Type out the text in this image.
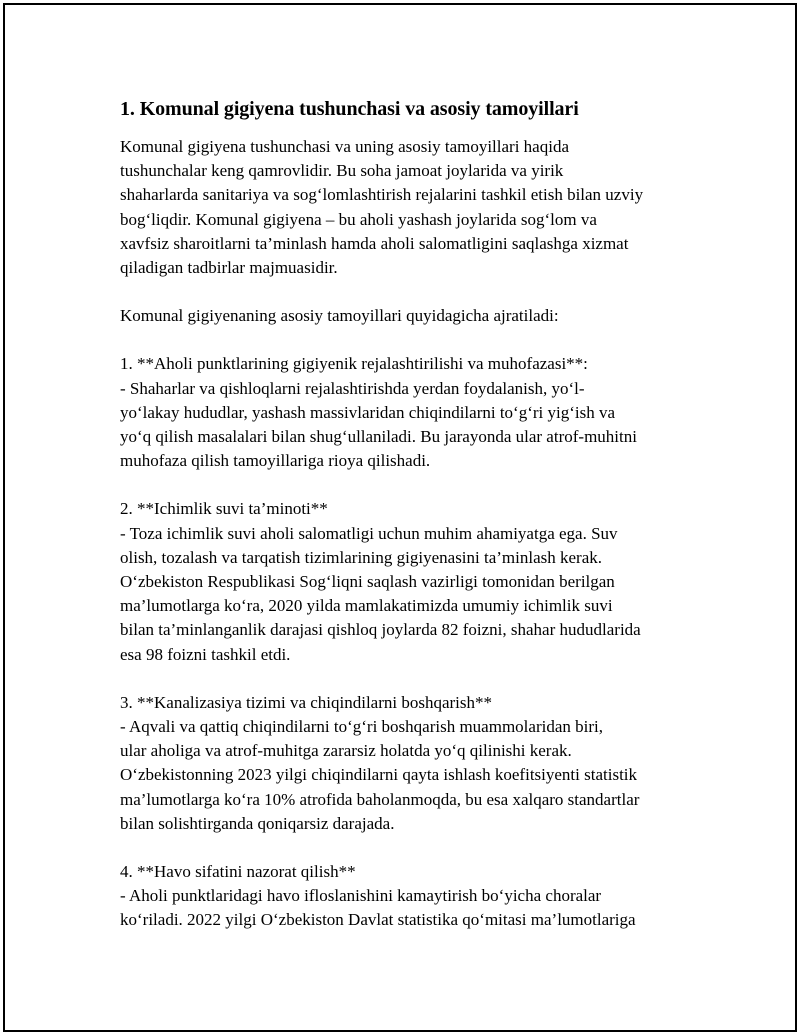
1. Komunal gigiyena tushunchasi va asosiy tamoyillari

Komunal gigiyena tushunchasi va uning asosiy tamoyillari haqida
tushunchalar keng qamrovlidir. Bu soha jamoat joylarida va yirik
shaharlarda sanitariya va sog‘lomlashtirish rejalarini tashkil etish bilan uzviy
bog‘liqdir. Komunal gigiyena – bu aholi yashash joylarida sog‘lom va
xavfsiz sharoitlarni ta’minlash hamda aholi salomatligini saqlashga xizmat
qiladigan tadbirlar majmuasidir.

Komunal gigiyenaning asosiy tamoyillari quyidagicha ajratiladi:

1. **Aholi punktlarining gigiyenik rejalashtirilishi va muhofazasi**:
- Shaharlar va qishloqlarni rejalashtirishda yerdan foydalanish, yo‘l-
yo‘lakay hududlar, yashash massivlaridan chiqindilarni to‘g‘ri yig‘ish va
yo‘q qilish masalalari bilan shug‘ullaniladi. Bu jarayonda ular atrof-muhitni
muhofaza qilish tamoyillariga rioya qilishadi.

2. **Ichimlik suvi ta’minoti**
- Toza ichimlik suvi aholi salomatligi uchun muhim ahamiyatga ega. Suv
olish, tozalash va tarqatish tizimlarining gigiyenasini ta’minlash kerak.
O‘zbekiston Respublikasi Sog‘liqni saqlash vazirligi tomonidan berilgan
ma’lumotlarga ko‘ra, 2020 yilda mamlakatimizda umumiy ichimlik suvi
bilan ta’minlanganlik darajasi qishloq joylarda 82 foizni, shahar hududlarida
esa 98 foizni tashkil etdi.

3. **Kanalizasiya tizimi va chiqindilarni boshqarish**
- Aqvali va qattiq chiqindilarni to‘g‘ri boshqarish muammolaridan biri,
ular aholiga va atrof-muhitga zararsiz holatda yo‘q qilinishi kerak.
O‘zbekistonning 2023 yilgi chiqindilarni qayta ishlash koefitsiyenti statistik
ma’lumotlarga ko‘ra 10% atrofida baholanmoqda, bu esa xalqaro standartlar
bilan solishtirganda qoniqarsiz darajada.

4. **Havo sifatini nazorat qilish**
- Aholi punktlaridagi havo ifloslanishini kamaytirish bo‘yicha choralar
ko‘riladi. 2022 yilgi O‘zbekiston Davlat statistika qo‘mitasi ma’lumotlariga
